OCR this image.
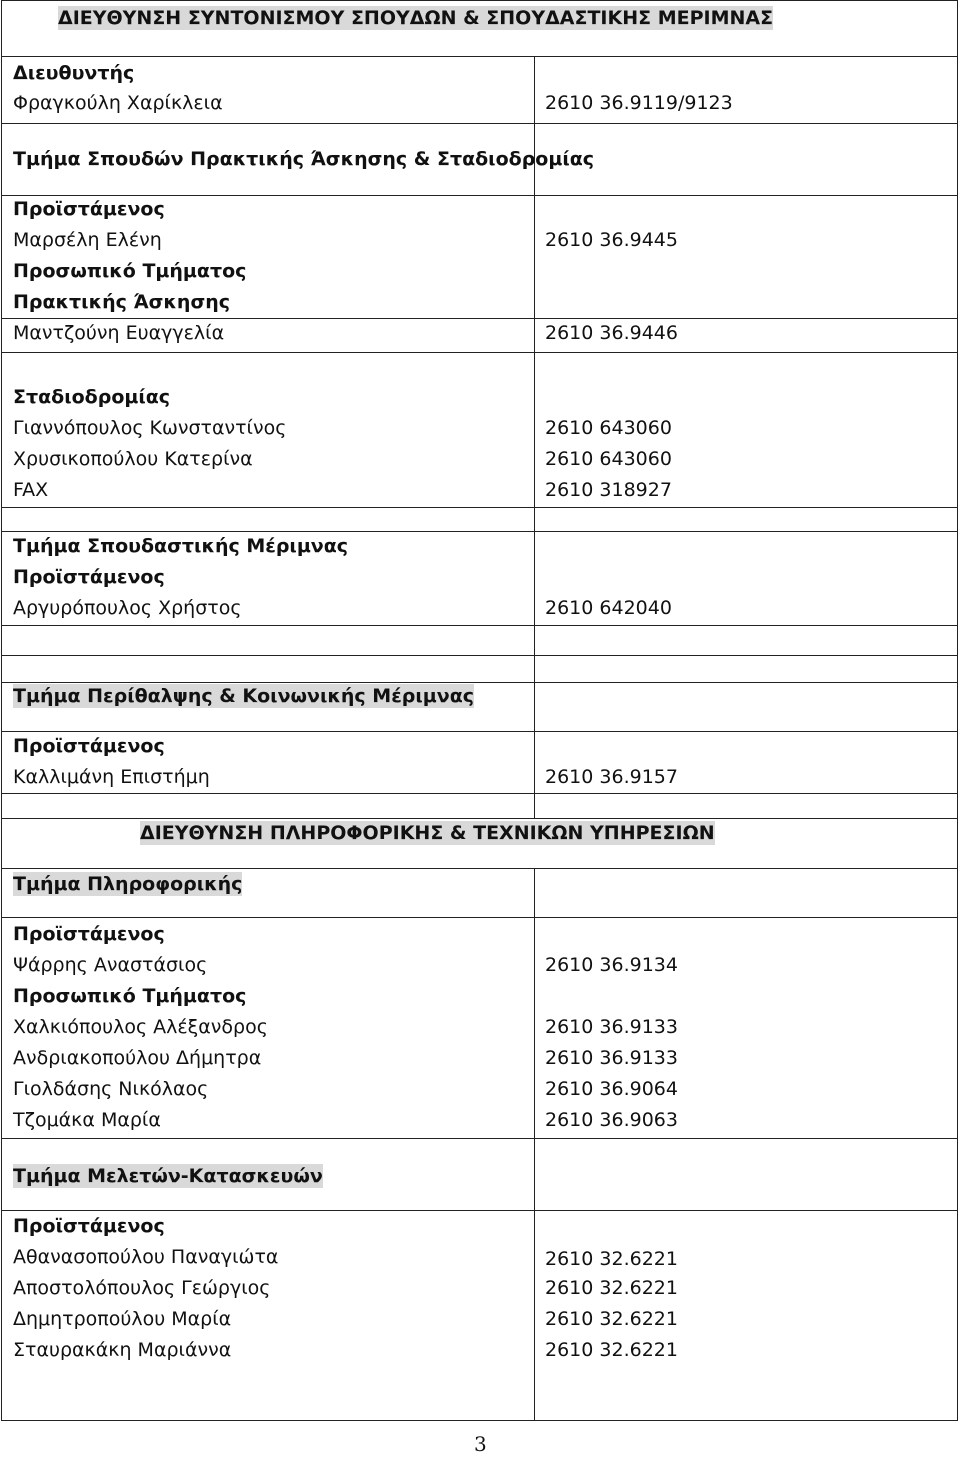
ΔΙΕΥΘΥΝΣΗ ΣΥΝΤΟΝΙΣΜΟΥ ΣΠΟΥΔΩΝ & ΣΠΟΥΔΑΣΤΙΚΗΣ ΜΕΡΙΜΝΑΣ
Διευθυντής
Φραγκούλη Χαρίκλεια	2610 36.9119/9123
Τμήμα Σπουδών Πρακτικής Άσκησης & Σταδιοδρομίας
Προϊστάμενος
Μαρσέλη Ελένη	2610 36.9445
Προσωπικό Τμήματος
Πρακτικής Άσκησης
Μαντζούνη Ευαγγελία	2610 36.9446
Σταδιοδρομίας
Γιαννόπουλος Κωνσταντίνος	2610 643060
Χρυσικοπούλου Κατερίνα	2610 643060
FAX	2610 318927
Τμήμα Σπουδαστικής Μέριμνας
Προϊστάμενος
Αργυρόπουλος Χρήστος	2610 642040
Τμήμα Περίθαλψης & Κοινωνικής Μέριμνας
Προϊστάμενος
Καλλιμάνη Επιστήμη	2610 36.9157
ΔΙΕΥΘΥΝΣΗ ΠΛΗΡΟΦΟΡΙΚΗΣ & ΤΕΧΝΙΚΩΝ ΥΠΗΡΕΣΙΩΝ
Τμήμα Πληροφορικής
Προϊστάμενος
Ψάρρης Αναστάσιος	2610 36.9134
Προσωπικό Τμήματος
Χαλκιόπουλος Αλέξανδρος	2610 36.9133
Ανδριακοπούλου Δήμητρα	2610 36.9133
Γιολδάσης Νικόλαος	2610 36.9064
Τζομάκα Μαρία	2610 36.9063
Τμήμα Μελετών-Κατασκευών
Προϊστάμενος
Αθανασοπούλου Παναγιώτα	2610 32.6221
Αποστολόπουλος Γεώργιος	2610 32.6221
Δημητροπούλου Μαρία	2610 32.6221
Σταυρακάκη Μαριάννα	2610 32.6221
3
